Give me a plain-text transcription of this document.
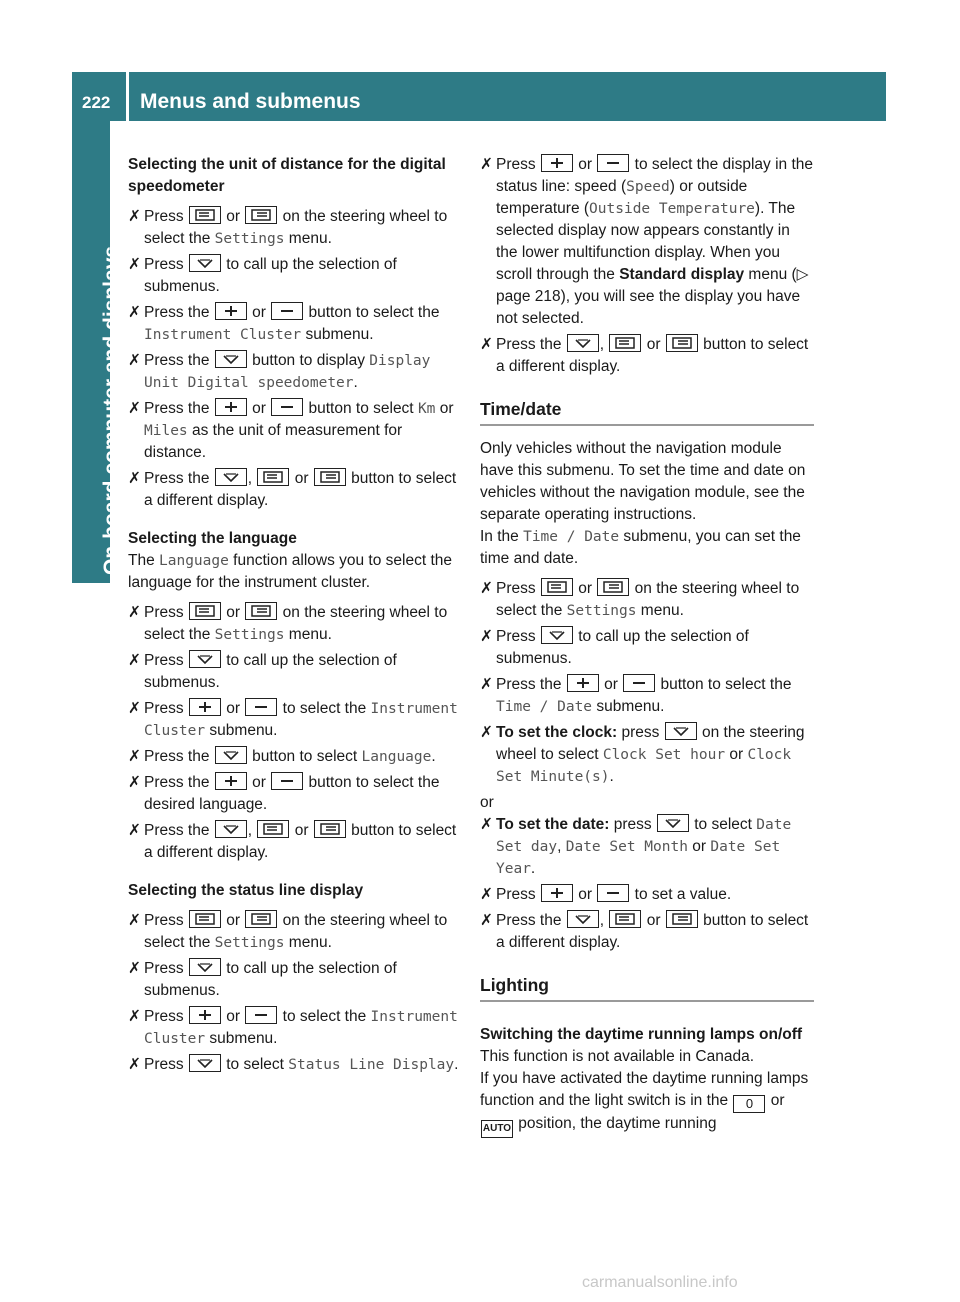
222 Menus and submenus
On-board computer and displays

Selecting the unit of distance for the digital speedometer

✗ Press
or
on the steering wheel to select the Settings menu.

✗ Press
to call up the selection of submenus.

✗ Press the
or
button to select the Instrument Cluster submenu.

✗ Press the
button to display Display Unit Digital speedometer.

✗ Press the
or
button to select Km or Miles as the unit of measurement for distance.

✗ Press the
,
or
button to select a different display.

Selecting the language

The Language function allows you to select the language for the instrument cluster.

✗ Press
or
on the steering wheel to select the Settings menu.

✗ Press
to call up the selection of submenus.

✗ Press
or
to select the Instrument Cluster submenu.

✗ Press the
button to select Language.

✗ Press the
or
button to select the desired language.

✗ Press the
,
or
button to select a different display.

Selecting the status line display

✗ Press
or
on the steering wheel to select the Settings menu.

✗ Press
to call up the selection of submenus.

✗ Press
or
to select the Instrument Cluster submenu.

✗ Press
to select Status Line Display.

✗ Press
or
to select the display in the status line: speed (Speed) or outside temperature (Outside Temperature). The selected display now appears constantly in the lower multifunction display. When you scroll through the Standard display menu (▷ page 218), you will see the display you have not selected.

✗ Press the
,
or
button to select a different display.

Time/date

Only vehicles without the navigation module have this submenu. To set the time and date on vehicles without the navigation module, see the separate operating instructions.

In the Time / Date submenu, you can set the time and date.

✗ Press
or
on the steering wheel to select the Settings menu.

✗ Press
to call up the selection of submenus.

✗ Press the
or
button to select the Time / Date submenu.

✗ To set the clock: press
on the steering wheel to select Clock Set hour or Clock Set Minute(s).

or

✗ To set the date: press
to select Date Set day, Date Set Month or Date Set Year.

✗ Press
or
to set a value.

✗ Press the
,
or
button to select a different display.

Lighting

Switching the daytime running lamps on/off

This function is not available in Canada.

If you have activated the daytime running lamps function and the light switch is in the 0 or AUTO position, the daytime running

carmanualsonline.info
